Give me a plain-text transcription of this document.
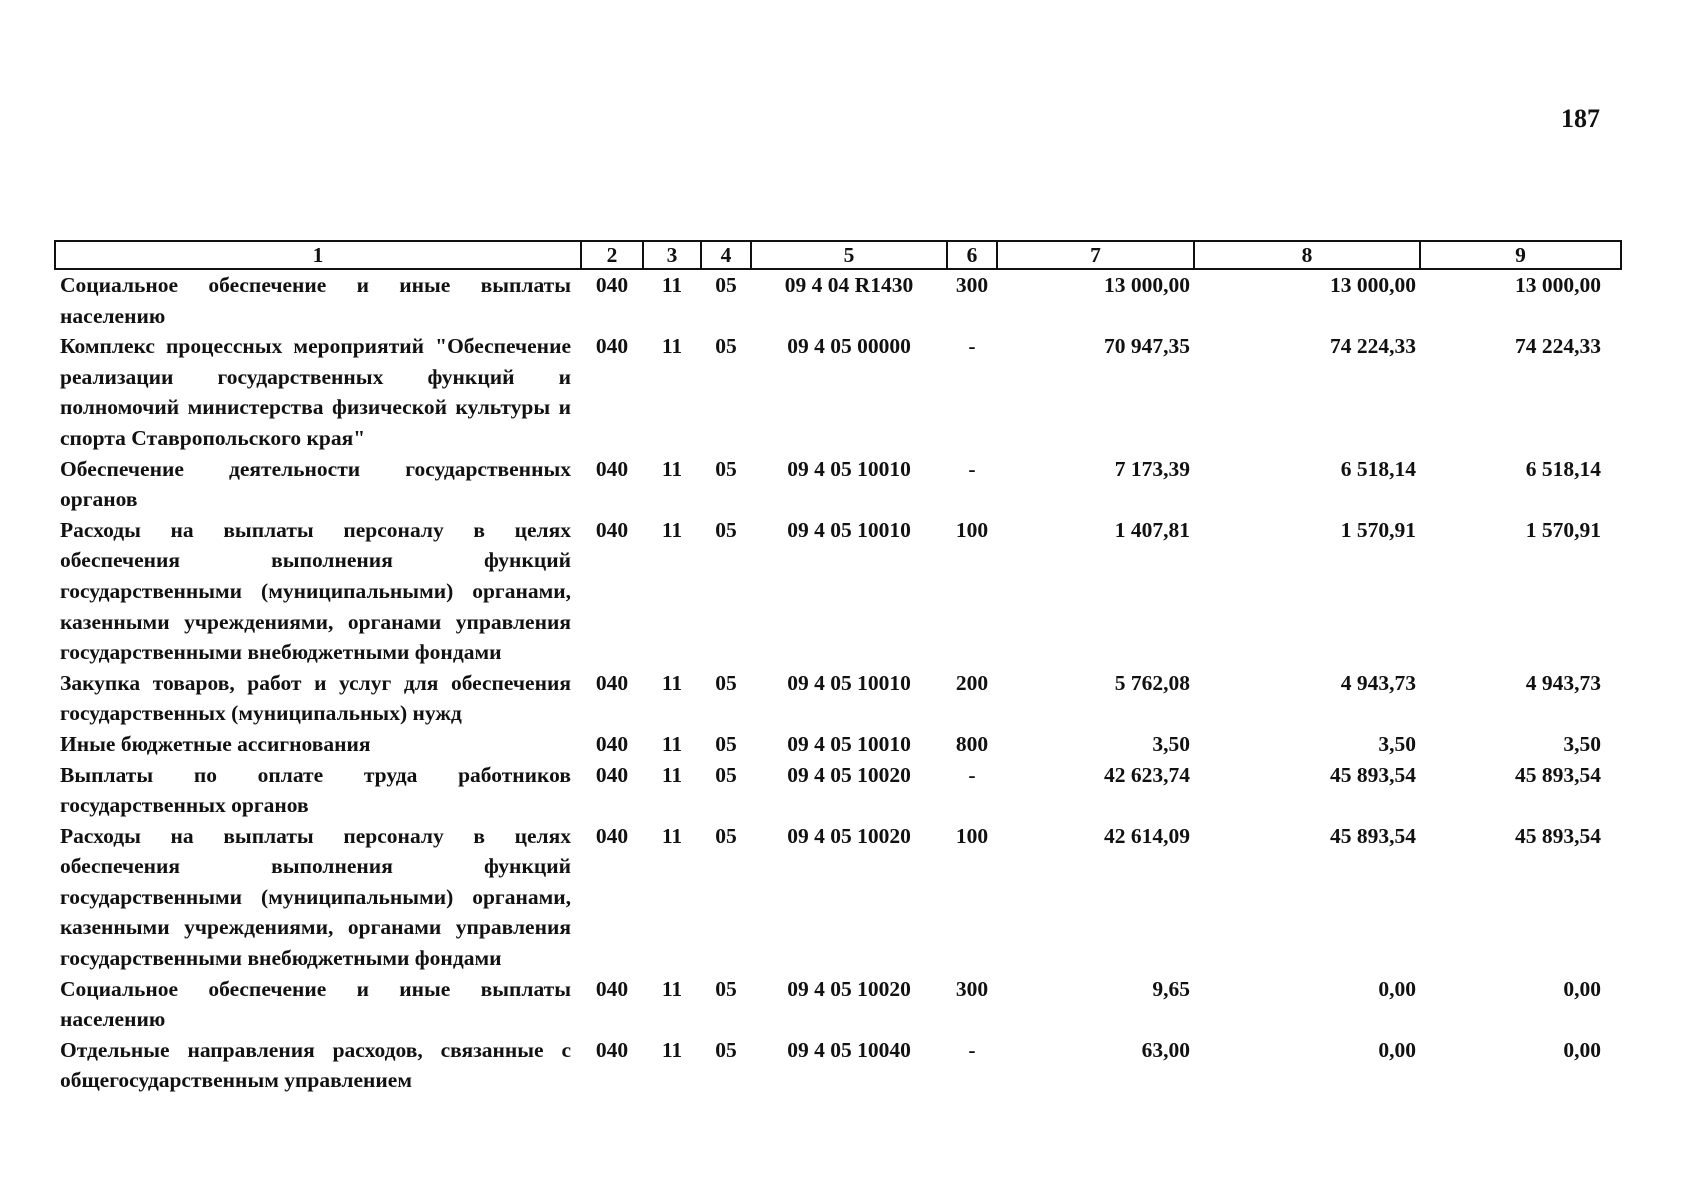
187
1	2	3	4	5	6	7	8	9
Социальное обеспечение и иные выплаты населению	040	11	05	09 4 04 R1430	300	13 000,00	13 000,00	13 000,00
Комплекс процессных мероприятий "Обеспечение реализации государственных функций и полномочий министерства физической культуры и спорта Ставропольского края"	040	11	05	09 4 05 00000	-	70 947,35	74 224,33	74 224,33
Обеспечение деятельности государственных органов	040	11	05	09 4 05 10010	-	7 173,39	6 518,14	6 518,14
Расходы на выплаты персоналу в целях обеспечения выполнения функций государственными (муниципальными) органами, казенными учреждениями, органами управления государственными внебюджетными фондами	040	11	05	09 4 05 10010	100	1 407,81	1 570,91	1 570,91
Закупка товаров, работ и услуг для обеспечения государственных (муниципальных) нужд	040	11	05	09 4 05 10010	200	5 762,08	4 943,73	4 943,73
Иные бюджетные ассигнования	040	11	05	09 4 05 10010	800	3,50	3,50	3,50
Выплаты по оплате труда работников государственных органов	040	11	05	09 4 05 10020	-	42 623,74	45 893,54	45 893,54
Расходы на выплаты персоналу в целях обеспечения выполнения функций государственными (муниципальными) органами, казенными учреждениями, органами управления государственными внебюджетными фондами	040	11	05	09 4 05 10020	100	42 614,09	45 893,54	45 893,54
Социальное обеспечение и иные выплаты населению	040	11	05	09 4 05 10020	300	9,65	0,00	0,00
Отдельные направления расходов, связанные с общегосударственным управлением	040	11	05	09 4 05 10040	-	63,00	0,00	0,00
